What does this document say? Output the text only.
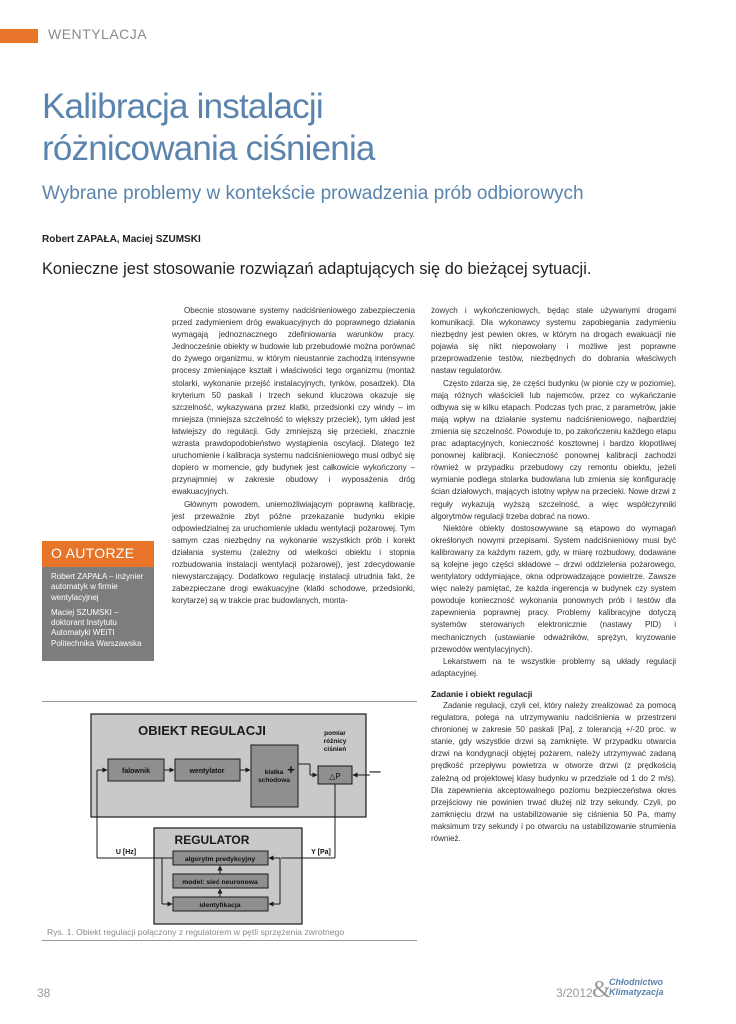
WENTYLACJA
Kalibracja instalacji
różnicowania ciśnienia
Wybrane problemy w kontekście prowadzenia prób odbiorowych
Robert ZAPAŁA, Maciej SZUMSKI
Konieczne jest stosowanie rozwiązań adaptujących się do bieżącej sytuacji.

Obecnie stosowane systemy nadciśnieniowego zabezpieczenia przed zadymieniem dróg ewakuacyjnych do poprawnego działania wymagają jednoznacznego zdefiniowania warunków pracy. Jednocześnie obiekty w budowie lub przebudowie można porównać do żywego organizmu, w którym nieustannie zachodzą intensywne procesy zmieniające kształt i właściwości tego organizmu (montaż stolarki, wykonanie przejść instalacyjnych, tynków, posadzek). Dla kryterium 50 paskali i trzech sekund kluczowa okazuje się szczelność, wykazywana przez klatki, przedsionki czy windy – im mniejsza (mniejsza szczelność to większy przeciek), tym układ jest łatwiejszy do regulacji. Gdy zmniejszą się przecieki, znacznie wzrasta prawdopodobieństwo wystąpienia oscylacji. Dlatego też uruchomienie i kalibracja systemu nadciśnieniowego musi odbyć się dopiero w momencie, gdy budynek jest całkowicie wykończony – przynajmniej w zakresie obudowy i wyposażenia dróg ewakuacyjnych.

Głównym powodem, uniemożliwiającym poprawną kalibrację, jest przeważnie zbyt późne przekazanie budynku ekipie odpowiedzialnej za uruchomienie układu wentylacji pożarowej. Tym samym czas niezbędny na wykonanie wszystkich prób i korekt działania systemu (zależny od wielkości obiektu i stopnia rozbudowania instalacji wentylacji pożarowej), jest zdecydowanie niewystarczający. Dodatkowo regulację instalacji utrudnia fakt, że zabezpieczane drogi ewakuacyjne (klatki schodowe, przedsionki, korytarze) są w trakcie prac budowlanych, monta-

żowych i wykończeniowych, będąc stale używanymi drogami komunikacji. Dla wykonawcy systemu zapobiegania zadymieniu niezbędny jest pewien okres, w którym na drogach ewakuacji nie pojawia się nikt niepowołany i możliwe jest poprawne przeprowadzenie testów, niezbędnych do dobrania właściwych nastaw regulatorów.

Często zdarza się, że części budynku (w pionie czy w poziomie), mają różnych właścicieli lub najemców, przez co wykańczanie odbywa się w kilku etapach. Podczas tych prac, z parametrów, jakie mają wpływ na działanie systemu nadciśnieniowego, najbardziej zmienia się szczelność. Powoduje to, po zakończeniu każdego etapu prac adaptacyjnych, konieczność kosztownej i bardzo kłopotliwej ponownej kalibracji. Konieczność ponownej kalibracji zachodzi również w przypadku przebudowy czy remontu obiektu, jeżeli wymianie podlega stolarka budowlana lub zmienia się konfigurację ścian działowych, mających istotny wpływ na przecieki. Nowe drzwi z reguły wykazują wyższą szczelność, a więc współczynniki algorytmów regulacji trzeba dobrać na nowo.

Niektóre obiekty dostosowywane są etapowo do wymagań określonych nowymi przepisami. System nadciśnieniowy musi być kalibrowany za każdym razem, gdy, w miarę rozbudowy, dodawane są kolejne jego części składowe – drzwi oddzielenia pożarowego, wentylatory oddymiające, okna odprowadzające powietrze. Zawsze więc należy pamiętać, że każda ingerencja w budynek czy system powoduje konieczność wykonania ponownych prób i testów dla zapewnienia poprawnej pracy. Problemy kalibracyjne dotyczą systemów sterowanych elektronicznie (nastawy PID) i mechanicznych (ustawianie odważników, sprężyn, kryzowanie przewodów wentylacyjnych).

Lekarstwem na te wszystkie problemy są układy regulacji adaptacyjnej.

Zadanie i obiekt regulacji

Zadanie regulacji, czyli cel, który należy zrealizować za pomocą regulatora, polega na utrzymywaniu nadciśnienia w przestrzeni chronionej w zakresie 50 paskali [Pa], z tolerancją +/-20 proc. w stanie, gdy wszystkie drzwi są zamknięte. W przypadku otwarcia drzwi na kondygnacji objętej pożarem, należy utrzymywać zadaną prędkość przepływu powietrza w otworze drzwi (z prędkością zależną od projektowej klasy budynku w przedziale od 1 do 2 m/s). Dla zapewnienia akceptowalnego poziomu bezpieczeństwa okres przejściowy nie powinien trwać dłużej niż trzy sekundy. Czyli, po zamknięciu drzwi na ustabilizowanie się ciśnienia 50 Pa, mamy maksimum trzy sekundy i po otwarciu na ustabilizowanie strumienia również.

O AUTORZE

Robert ZAPAŁA – inżynier automatyk w firmie wentylacyjnej

Maciej SZUMSKI – doktorant Instytutu Automatyki WEiTI Politechnika Warszawska

OBIEKT REGULACJI
falownik	wentylator	klatka
schodowa
+	—
pomiar
różnicy
ciśnień
△P
REGULATOR
algorytm predykcyjny
model: sieć neuronowa
identyfikacja
U [Hz]	Y [Pa]
Rys. 1. Obiekt regulacji połączony z regulatorem w pętli sprzężenia zwrotnego
38	3/2012 &
Chłodnictwo
Klimatyzacja
